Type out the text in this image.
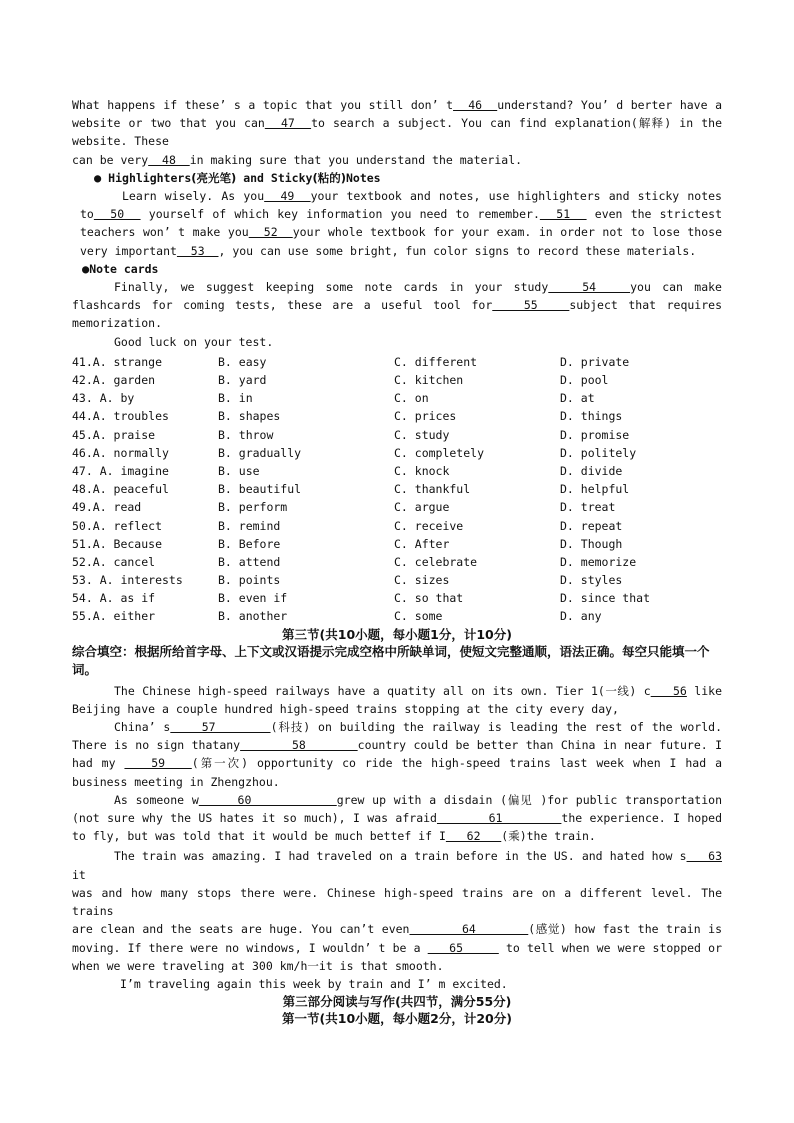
What happens if these’ s a topic that you still don’ t  46  understand? You’ d berter have a website or two that you can  47  to search a subject. You can find explanation(解释) in the website. These
can be very  48  in making sure that you understand the material.
● Highlighters(亮光笔) and Sticky(粘的)Notes
Learn wisely. As you  49  your textbook and notes, use highlighters and sticky notes to  50   yourself of which key information you need to remember.  51   even the strictest teachers won’ t make you  52  your whole textbook for your exam. in order not to lose those very important  53  , you can use some bright, fun color signs to record these materials.
●Note cards
Finally, we suggest keeping some note cards in your study   54   you can make flashcards for coming tests, these are a useful tool for   55   subject that requires memorization.
Good luck on your test.
41.A. strange	B. easy	C. different	D. private
42.A. garden	B. yard	C. kitchen	D. pool
43. A. by	B. in	C. on	D. at
44.A. troubles	B. shapes	C. prices	D. things
45.A. praise	B. throw	C. study	D. promise
46.A. normally	B. gradually	C. completely	D. politely
47. A. imagine	B. use	C. knock	D. divide
48.A. peaceful	B. beautiful	C. thankful	D. helpful
49.A. read	B. perform	C. argue	D. treat
50.A. reflect	B. remind	C. receive	D. repeat
51.A. Because	B. Before	C. After	D. Though
52.A. cancel	B. attend	C. celebrate	D. memorize
53. A. interests	B. points	C. sizes	D. styles
54. A. as if	B. even if	C. so that	D. since that
55.A. either	B. another	C. some	D. any
第三节(共10小题，每小题1分，计10分)
综合填空：根据所给首字母、上下文或汉语提示完成空格中所缺单词，使短文完整通顺，语法正确。每空只能填一个词。
The Chinese high-speed railways have a quatity all on its own. Tier 1(一线) c   56 like Beijing have a couple hundred high-speed trains stopping at the city every day,
China’ s    57       (科技) on building the railway is leading the rest of the world. There is no sign thatany       58       country could be better than China in near future. I had my    59   (第一次) opportunity co ride the high-speed trains last week when I had a business meeting in Zhengzhou.
As someone w     60           grew up with a disdain (偏见 )for public transportation (not sure why the US hates it so much), I was afraid       61        the experience. I hoped to fly, but was told that it would be much bettef if I   62   (乘)the train.
The train was amazing. I had traveled on a train before in the US. and hated how s   63 it
was and how many stops there were. Chinese high-speed trains are on a different level. The trains
are clean and the seats are huge. You can’t even       64       (感觉) how fast the train is moving. If there were no windows, I wouldn’ t be a    65      to tell when we were stopped or when we were traveling at 300 km/h一it is that smooth.
I’m traveling again this week by train and I’ m excited.
第三部分阅读与写作(共四节，满分55分)
第一节(共10小题，每小题2分，计20分)
